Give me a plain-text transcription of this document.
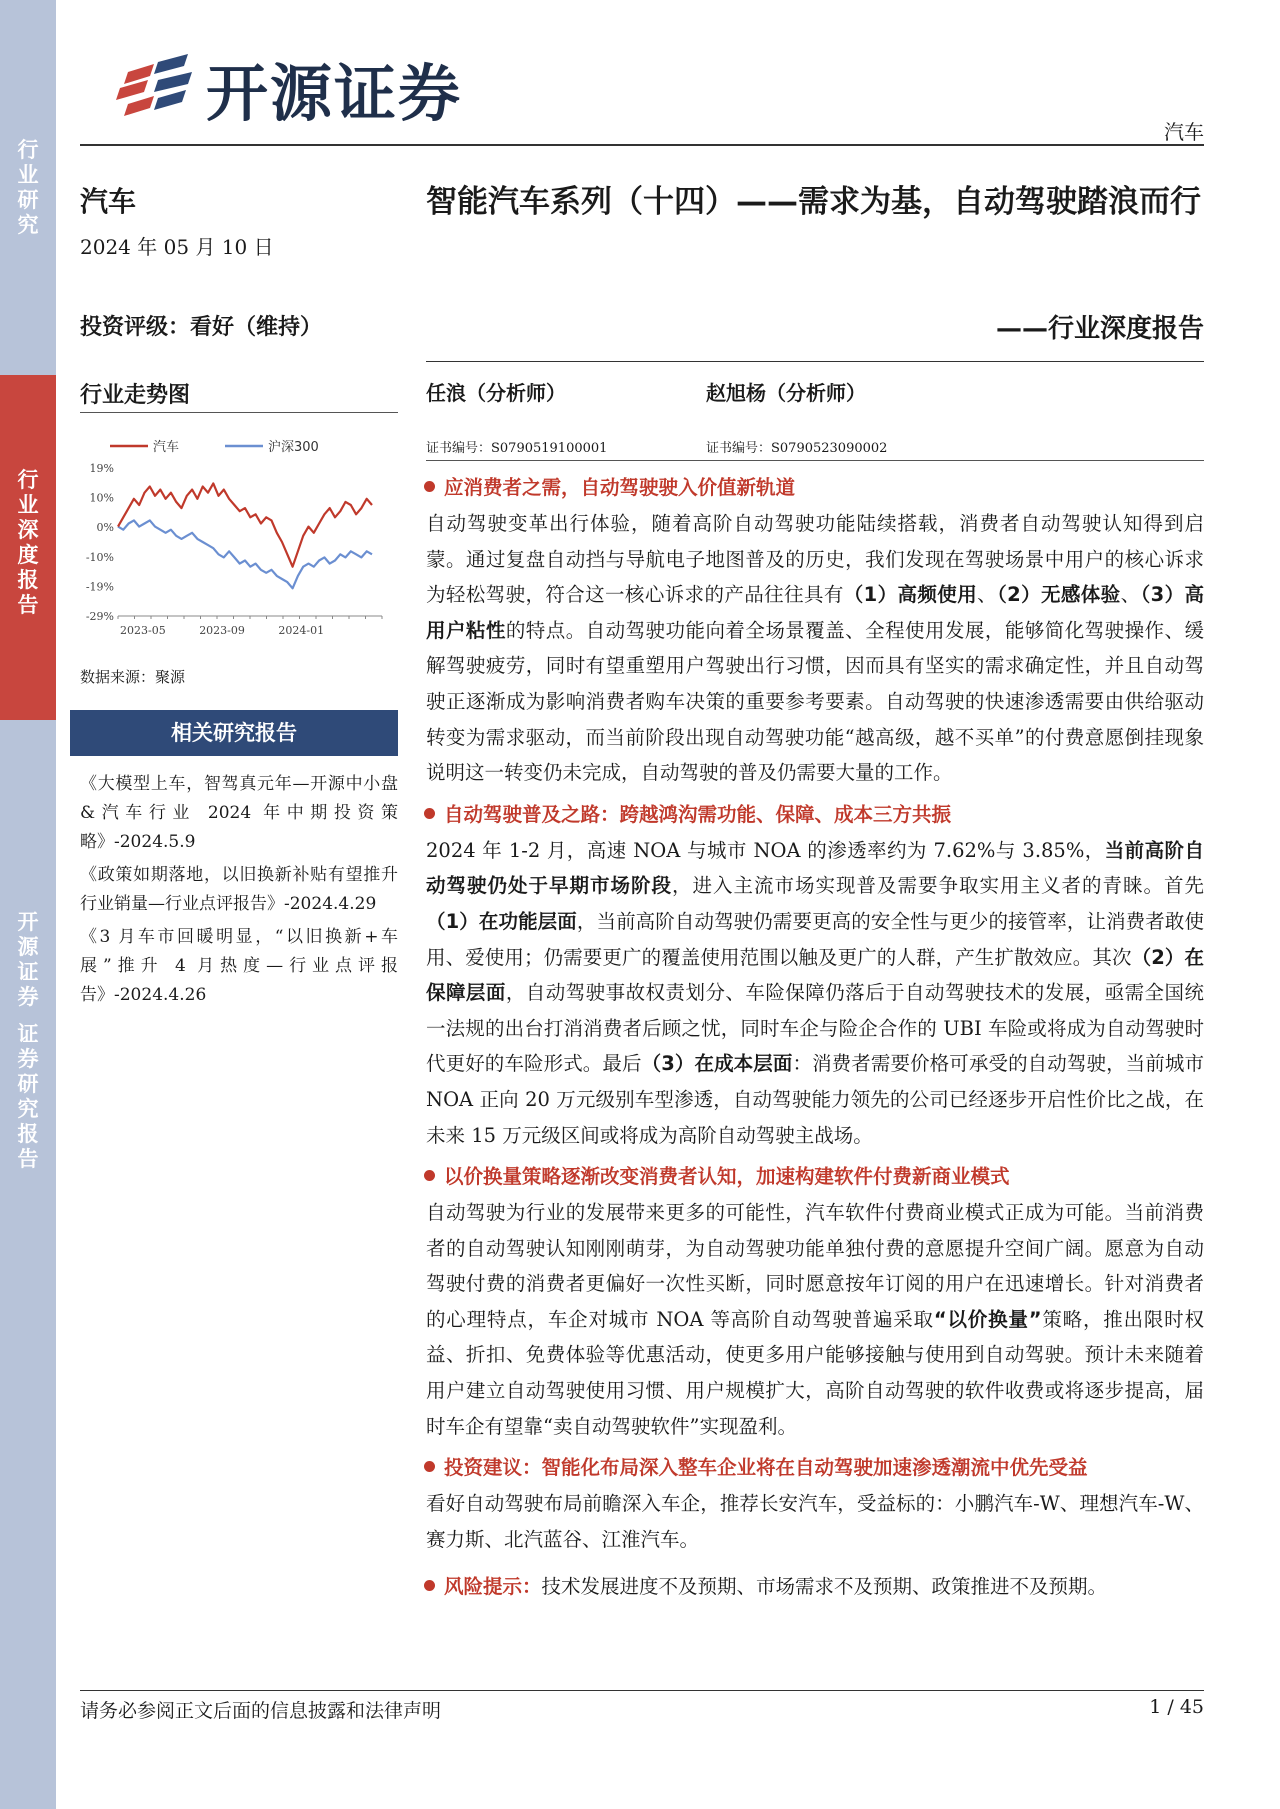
行
业
研
究
行
业
深
度
报
告
开
源
证
券

证
券
研
究
报
告
开源证券
汽车
汽车
2024 年 05 月 10 日
投资评级：看好（维持）
行业走势图
汽车	沪深300
19%
10%
0%
-10%
-19%
-29%
2023-05	2023-09	2024-01
数据来源：聚源
相关研究报告
《大模型上车，智驾真元年—开源中小盘 &汽车行业 2024 年中期投资策略》-2024.5.9
《政策如期落地，以旧换新补贴有望推升行业销量—行业点评报告》-2024.4.29
《3 月车市回暖明显，“以旧换新+车展”推升 4 月热度—行业点评报告》-2024.4.26
智能汽车系列（十四）——需求为基，自动驾驶踏浪而行
——行业深度报告
任浪（分析师）	赵旭杨（分析师）
证书编号：S0790519100001	证书编号：S0790523090002
应消费者之需，自动驾驶驶入价值新轨道
自动驾驶变革出行体验，随着高阶自动驾驶功能陆续搭载，消费者自动驾驶认知得到启蒙。通过复盘自动挡与导航电子地图普及的历史，我们发现在驾驶场景中用户的核心诉求为轻松驾驶，符合这一核心诉求的产品往往具有（1）高频使用、（2）无感体验、（3）高用户粘性的特点。自动驾驶功能向着全场景覆盖、全程使用发展，能够简化驾驶操作、缓解驾驶疲劳，同时有望重塑用户驾驶出行习惯，因而具有坚实的需求确定性，并且自动驾驶正逐渐成为影响消费者购车决策的重要参考要素。自动驾驶的快速渗透需要由供给驱动转变为需求驱动，而当前阶段出现自动驾驶功能“越高级，越不买单”的付费意愿倒挂现象说明这一转变仍未完成，自动驾驶的普及仍需要大量的工作。
自动驾驶普及之路：跨越鸿沟需功能、保障、成本三方共振
2024 年 1-2 月，高速 NOA 与城市 NOA 的渗透率约为 7.62%与 3.85%，当前高阶自动驾驶仍处于早期市场阶段，进入主流市场实现普及需要争取实用主义者的青睐。首先（1）在功能层面，当前高阶自动驾驶仍需要更高的安全性与更少的接管率，让消费者敢使用、爱使用；仍需要更广的覆盖使用范围以触及更广的人群，产生扩散效应。其次（2）在保障层面，自动驾驶事故权责划分、车险保障仍落后于自动驾驶技术的发展，亟需全国统一法规的出台打消消费者后顾之忧，同时车企与险企合作的 UBI 车险或将成为自动驾驶时代更好的车险形式。最后（3）在成本层面：消费者需要价格可承受的自动驾驶，当前城市 NOA 正向 20 万元级别车型渗透，自动驾驶能力领先的公司已经逐步开启性价比之战，在未来 15 万元级区间或将成为高阶自动驾驶主战场。
以价换量策略逐渐改变消费者认知，加速构建软件付费新商业模式
自动驾驶为行业的发展带来更多的可能性，汽车软件付费商业模式正成为可能。当前消费者的自动驾驶认知刚刚萌芽，为自动驾驶功能单独付费的意愿提升空间广阔。愿意为自动驾驶付费的消费者更偏好一次性买断，同时愿意按年订阅的用户在迅速增长。针对消费者的心理特点，车企对城市 NOA 等高阶自动驾驶普遍采取“以价换量”策略，推出限时权益、折扣、免费体验等优惠活动，使更多用户能够接触与使用到自动驾驶。预计未来随着用户建立自动驾驶使用习惯、用户规模扩大，高阶自动驾驶的软件收费或将逐步提高，届时车企有望靠“卖自动驾驶软件”实现盈利。
投资建议：智能化布局深入整车企业将在自动驾驶加速渗透潮流中优先受益
看好自动驾驶布局前瞻深入车企，推荐长安汽车，受益标的：小鹏汽车-W、理想汽车-W、赛力斯、北汽蓝谷、江淮汽车。
风险提示：技术发展进度不及预期、市场需求不及预期、政策推进不及预期。
请务必参阅正文后面的信息披露和法律声明	1 / 45
